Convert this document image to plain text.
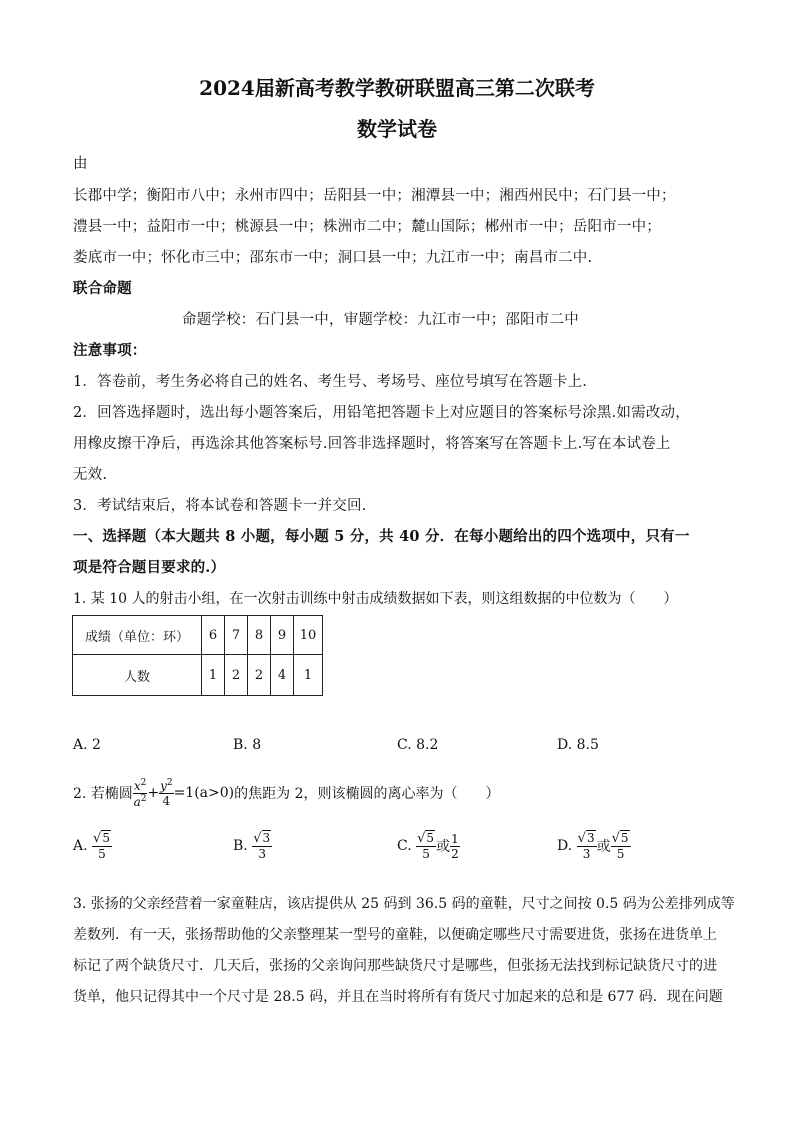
2024届新高考教学教研联盟高三第二次联考
数学试卷
由
长郡中学；衡阳市八中；永州市四中；岳阳县一中；湘潭县一中；湘西州民中；石门县一中；
澧县一中；益阳市一中；桃源县一中；株洲市二中；麓山国际；郴州市一中；岳阳市一中；
娄底市一中；怀化市三中；邵东市一中；洞口县一中；九江市一中；南昌市二中.
联合命题
命题学校：石门县一中，审题学校：九江市一中；邵阳市二中
注意事项：
1．答卷前，考生务必将自己的姓名、考生号、考场号、座位号填写在答题卡上.
2．回答选择题时，选出每小题答案后，用铅笔把答题卡上对应题目的答案标号涂黑.如需改动，
用橡皮擦干净后，再选涂其他答案标号.回答非选择题时，将答案写在答题卡上.写在本试卷上
无效.
3．考试结束后，将本试卷和答题卡一并交回.
一、选择题（本大题共 8 小题，每小题 5 分，共 40 分．在每小题给出的四个选项中，只有一
项是符合题目要求的.）
1. 某 10 人的射击小组，在一次射击训练中射击成绩数据如下表，则这组数据的中位数为（　　）
成绩（单位：环）	6	7	8	9	10
人数	1	2	2	4	1
A. 2	B. 8	C. 8.2	D. 8.5
2. 若椭圆 $\frac{x^2}{a^2} + \frac{y^2}{4} =1(a>0)$ 的焦距为 2，则该椭圆的离心率为（　　）
A.
$\frac{√5}{5}$	B.
$\frac{√3}{3}$	C.
$\frac{√5}{5}$ 或 $\frac{1}{2}$	D.
$\frac{√3}{3}$ 或 $\frac{√5}{5}$
3. 张扬的父亲经营着一家童鞋店，该店提供从 25 码到 36.5 码的童鞋，尺寸之间按 0.5 码为公差排列成等
差数列．有一天，张扬帮助他的父亲整理某一型号的童鞋，以便确定哪些尺寸需要进货，张扬在进货单上
标记了两个缺货尺寸．几天后，张扬的父亲询问那些缺货尺寸是哪些，但张扬无法找到标记缺货尺寸的进
货单，他只记得其中一个尺寸是 28.5 码，并且在当时将所有有货尺寸加起来的总和是 677 码．现在问题
